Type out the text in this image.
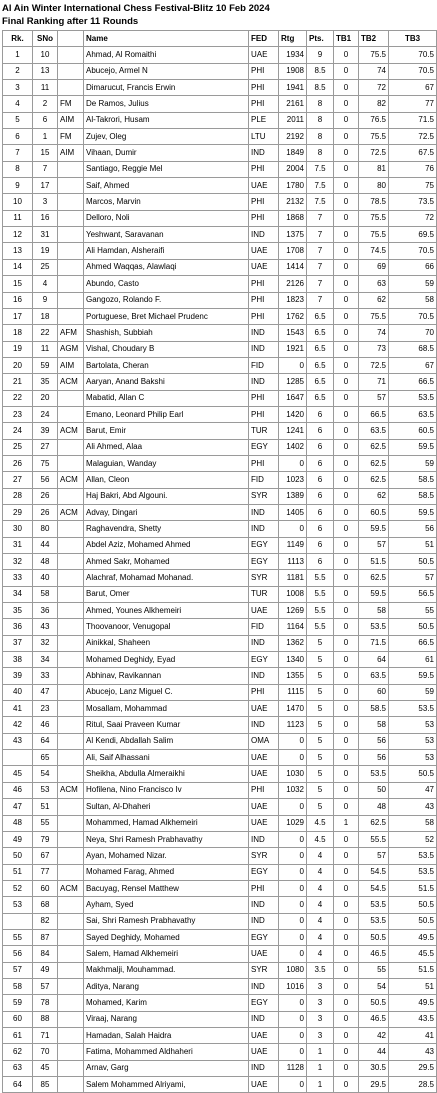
Al Ain Winter International Chess Festival-Blitz 10 Feb 2024
Final Ranking after 11 Rounds
Rk.	SNo		Name	FED	Rtg	Pts.	TB1	TB2	TB3
1	10		Ahmad, Al Romaithi	UAE	1934	9	0	75.5	70.5
2	13		Abucejo, Armel N	PHI	1908	8.5	0	74	70.5
3	11		Dimarucut, Francis Erwin	PHI	1941	8.5	0	72	67
4	2	FM	De Ramos, Julius	PHI	2161	8	0	82	77
5	6	AIM	Al-Takrori, Husam	PLE	2011	8	0	76.5	71.5
6	1	FM	Zujev, Oleg	LTU	2192	8	0	75.5	72.5
7	15	AIM	Vihaan, Dumir	IND	1849	8	0	72.5	67.5
8	7		Santiago, Reggie Mel	PHI	2004	7.5	0	81	76
9	17		Saif, Ahmed	UAE	1780	7.5	0	80	75
10	3		Marcos, Marvin	PHI	2132	7.5	0	78.5	73.5
11	16		Delloro, Noli	PHI	1868	7	0	75.5	72
12	31		Yeshwant, Saravanan	IND	1375	7	0	75.5	69.5
13	19		Ali Hamdan, Alsheraifi	UAE	1708	7	0	74.5	70.5
14	25		Ahmed Waqqas, Alawlaqi	UAE	1414	7	0	69	66
15	4		Abundo, Casto	PHI	2126	7	0	63	59
16	9		Gangozo, Rolando F.	PHI	1823	7	0	62	58
17	18		Portuguese, Bret Michael Prudenc	PHI	1762	6.5	0	75.5	70.5
18	22	AFM	Shashish, Subbiah	IND	1543	6.5	0	74	70
19	11	AGM	Vishal, Choudary B	IND	1921	6.5	0	73	68.5
20	59	AIM	Bartolata, Cheran	FID	0	6.5	0	72.5	67
21	35	ACM	Aaryan, Anand Bakshi	IND	1285	6.5	0	71	66.5
22	20		Mabatid, Allan C	PHI	1647	6.5	0	57	53.5
23	24		Emano, Leonard Philip Earl	PHI	1420	6	0	66.5	63.5
24	39	ACM	Barut, Emir	TUR	1241	6	0	63.5	60.5
25	27		Ali Ahmed, Alaa	EGY	1402	6	0	62.5	59.5
26	75		Malaguian, Wanday	PHI	0	6	0	62.5	59
27	56	ACM	Allan, Cleon	FID	1023	6	0	62.5	58.5
28	26		Haj Bakri, Abd Algouni.	SYR	1389	6	0	62	58.5
29	26	ACM	Advay, Dingari	IND	1405	6	0	60.5	59.5
30	80		Raghavendra, Shetty	IND	0	6	0	59.5	56
31	44		Abdel Aziz, Mohamed Ahmed	EGY	1149	6	0	57	51
32	48		Ahmed Sakr, Mohamed	EGY	1113	6	0	51.5	50.5
33	40		Alachraf, Mohamad Mohanad.	SYR	1181	5.5	0	62.5	57
34	58		Barut, Omer	TUR	1008	5.5	0	59.5	56.5
35	36		Ahmed, Younes Alkhemeiri	UAE	1269	5.5	0	58	55
36	43		Thoovanoor, Venugopal	FID	1164	5.5	0	53.5	50.5
37	32		Ainikkal, Shaheen	IND	1362	5	0	71.5	66.5
38	34		Mohamed Deghidy, Eyad	EGY	1340	5	0	64	61
39	33		Abhinav, Ravikannan	IND	1355	5	0	63.5	59.5
40	47		Abucejo, Lanz Miguel C.	PHI	1115	5	0	60	59
41	23		Mosallam, Mohammad	UAE	1470	5	0	58.5	53.5
42	46		Ritul, Saai Praveen Kumar	IND	1123	5	0	58	53
43	64		Al Kendi, Abdallah Salim	OMA	0	5	0	56	53
	65		Ali, Saif Alhassani	UAE	0	5	0	56	53
45	54		Sheikha, Abdulla Almeraikhi	UAE	1030	5	0	53.5	50.5
46	53	ACM	Hofilena, Nino Francisco Iv	PHI	1032	5	0	50	47
47	51		Sultan, Al-Dhaheri	UAE	0	5	0	48	43
48	55		Mohammed, Hamad Alkhemeiri	UAE	1029	4.5	1	62.5	58
49	79		Neya, Shri Ramesh Prabhavathy	IND	0	4.5	0	55.5	52
50	67		Ayan, Mohamed Nizar.	SYR	0	4	0	57	53.5
51	77		Mohamed Farag, Ahmed	EGY	0	4	0	54.5	53.5
52	60	ACM	Bacuyag, Rensel Matthew	PHI	0	4	0	54.5	51.5
53	68		Ayham, Syed	IND	0	4	0	53.5	50.5
	82		Sai, Shri Ramesh Prabhavathy	IND	0	4	0	53.5	50.5
55	87		Sayed Deghidy, Mohamed	EGY	0	4	0	50.5	49.5
56	84		Salem, Hamad Alkhemeiri	UAE	0	4	0	46.5	45.5
57	49		Makhmalji, Mouhammad.	SYR	1080	3.5	0	55	51.5
58	57		Aditya, Narang	IND	1016	3	0	54	51
59	78		Mohamed, Karim	EGY	0	3	0	50.5	49.5
60	88		Viraaj, Narang	IND	0	3	0	46.5	43.5
61	71		Hamadan, Salah Haidra	UAE	0	3	0	42	41
62	70		Fatima, Mohammed Aldhaheri	UAE	0	1	0	44	43
63	45		Arnav, Garg	IND	1128	1	0	30.5	29.5
64	85		Salem Mohammed Alriyami,	UAE	0	1	0	29.5	28.5
